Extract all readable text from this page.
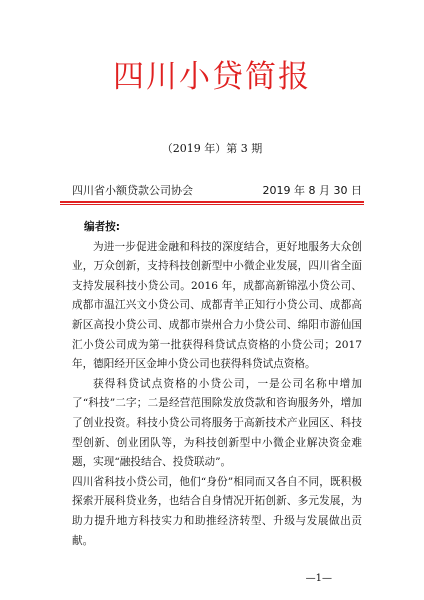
四川小贷简报
（2019 年）第 3 期
四川省小额贷款公司协会	2019 年 8 月 30 日
编者按:

为进一步促进金融和科技的深度结合，更好地服务大众创业，万众创新，支持科技创新型中小微企业发展，四川省全面支持发展科技小贷公司。2016 年，成都高新锦泓小贷公司、成都市温江兴文小贷公司、成都青羊正知行小贷公司、成都高新区高投小贷公司、成都市崇州合力小贷公司、绵阳市游仙国汇小贷公司成为第一批获得科贷试点资格的小贷公司；2017 年，德阳经开区金坤小贷公司也获得科贷试点资格。

获得科贷试点资格的小贷公司，一是公司名称中增加了“科技”二字；二是经营范围除发放贷款和咨询服务外，增加了创业投资。科技小贷公司将服务于高新技术产业园区、科技型创新、创业团队等，为科技创新型中小微企业解决资金难题，实现“融投结合、投贷联动”。

四川省科技小贷公司，他们“身份”相同而又各自不同，既积极探索开展科贷业务，也结合自身情况开拓创新、多元发展，为助力提升地方科技实力和助推经济转型、升级与发展做出贡献。

—1—
